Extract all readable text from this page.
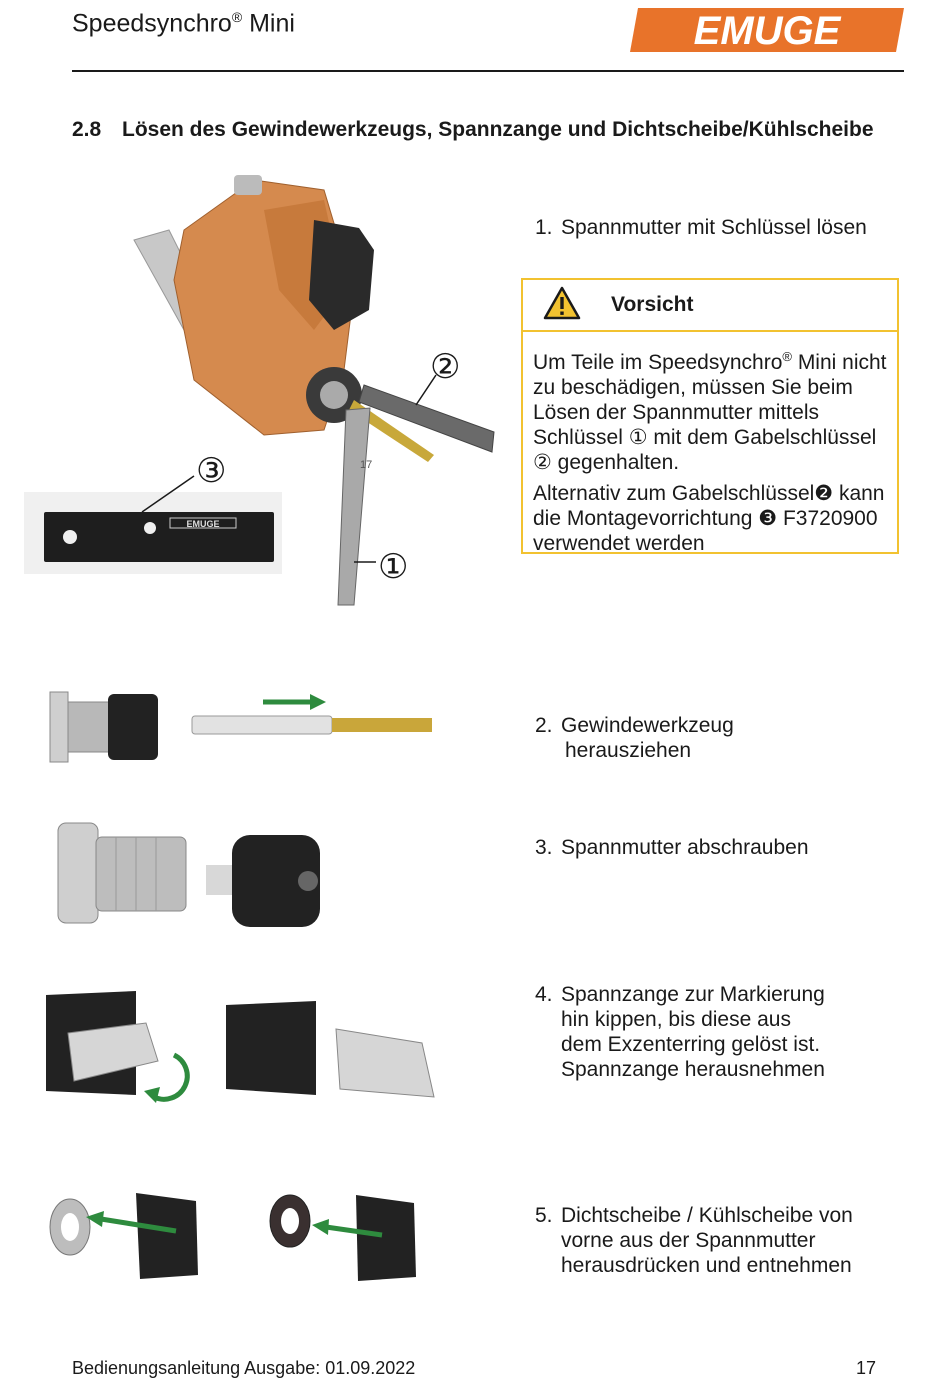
Speedsynchro® Mini	EMUGE
2.8 Lösen des Gewindewerkzeugs, Spannzange und Dichtscheibe/Kühlscheibe
EMUGE
17
②
③
①
1. Spannmutter mit Schlüssel lösen
Vorsicht

Um Teile im Speedsynchro® Mini nicht zu beschädigen, müssen Sie beim Lösen der Spannmutter mittels Schlüssel ① mit dem Gabelschlüssel ② gegenhalten.

Alternativ zum Gabelschlüssel❷ kann die Montagevorrichtung ❸ F3720900 verwendet werden

2. Gewindewerkzeug
herausziehen
3. Spannmutter abschrauben
4. Spannzange zur Markierung
hin kippen, bis diese aus
dem Exzenterring gelöst ist.
Spannzange herausnehmen
5. Dichtscheibe / Kühlscheibe von
vorne aus der Spannmutter
herausdrücken und entnehmen
Bedienungsanleitung Ausgabe: 01.09.2022	17
